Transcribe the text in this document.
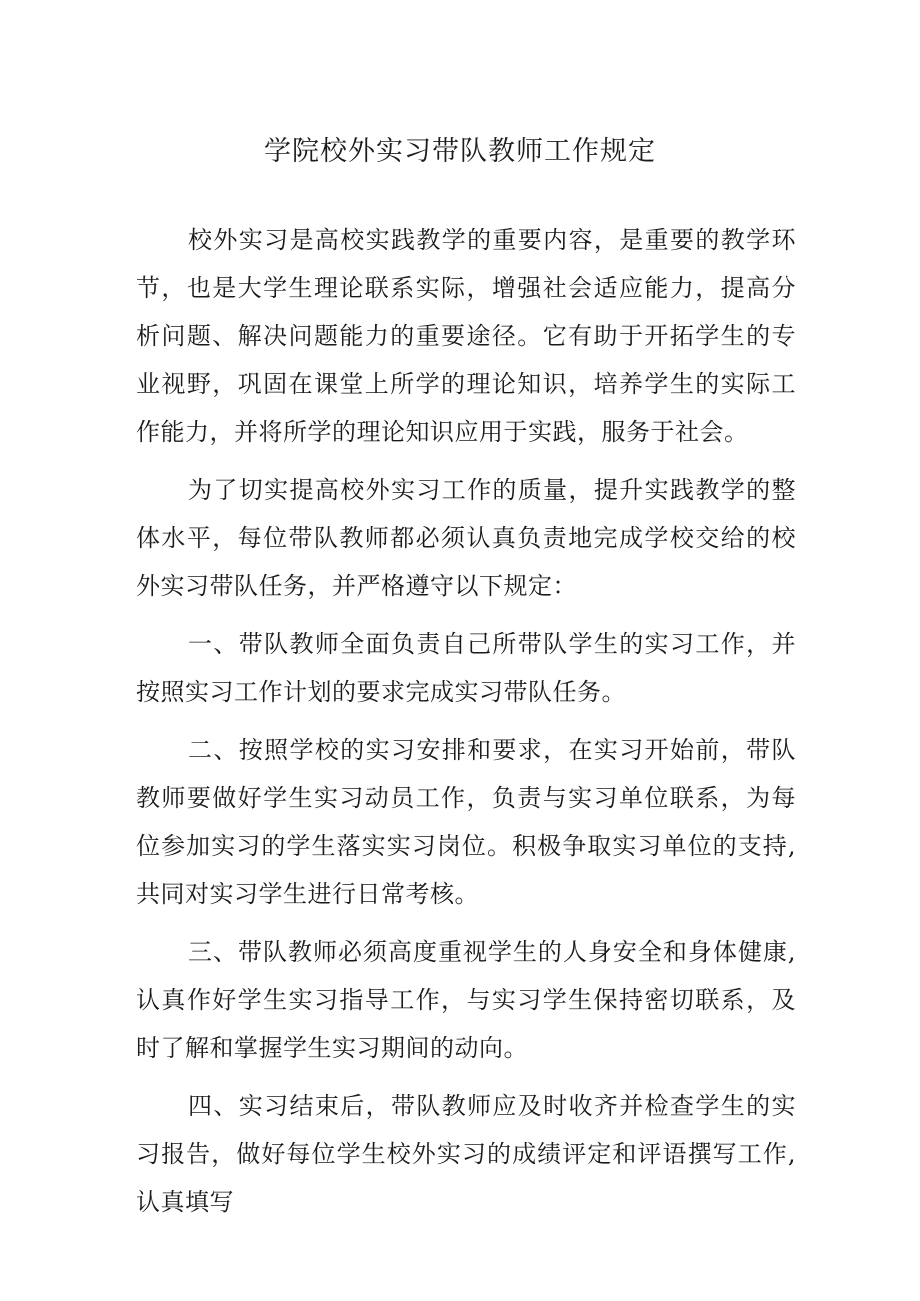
学院校外实习带队教师工作规定

校外实习是高校实践教学的重要内容，是重要的教学环节，也是大学生理论联系实际，增强社会适应能力，提高分析问题、解决问题能力的重要途径。它有助于开拓学生的专业视野，巩固在课堂上所学的理论知识，培养学生的实际工作能力，并将所学的理论知识应用于实践，服务于社会。

为了切实提高校外实习工作的质量，提升实践教学的整体水平，每位带队教师都必须认真负责地完成学校交给的校外实习带队任务，并严格遵守以下规定：

一、带队教师全面负责自己所带队学生的实习工作，并按照实习工作计划的要求完成实习带队任务。

二、按照学校的实习安排和要求，在实习开始前，带队教师要做好学生实习动员工作，负责与实习单位联系，为每位参加实习的学生落实实习岗位。积极争取实习单位的支持,共同对实习学生进行日常考核。

三、带队教师必须高度重视学生的人身安全和身体健康,认真作好学生实习指导工作，与实习学生保持密切联系，及时了解和掌握学生实习期间的动向。

四、实习结束后，带队教师应及时收齐并检查学生的实习报告，做好每位学生校外实习的成绩评定和评语撰写工作,认真填写
